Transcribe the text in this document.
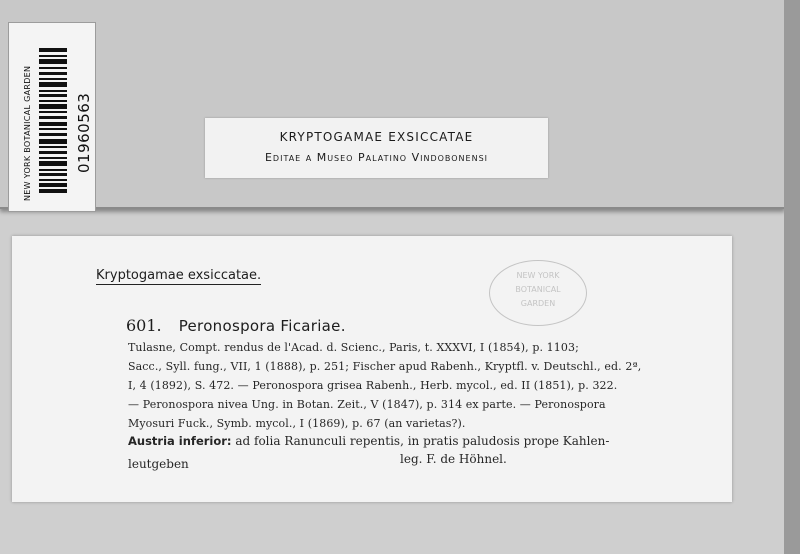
NEW YORK BOTANICAL GARDEN	01960563	KRYPTOGAMAE EXSICCATAE
Editae a Museo Palatino Vindobonensi
Kryptogamae exsiccatae.	NEW YORK
BOTANICAL
GARDEN
601. Peronospora Ficariae.
Tulasne, Compt. rendus de l'Acad. d. Scienc., Paris, t. XXXVI, I (1854), p. 1103;
Sacc., Syll. fung., VII, 1 (1888), p. 251; Fischer apud Rabenh., Kryptfl. v. Deutschl., ed. 2ª,
I, 4 (1892), S. 472. — Peronospora grisea Rabenh., Herb. mycol., ed. II (1851), p. 322.
— Peronospora nivea Ung. in Botan. Zeit., V (1847), p. 314 ex parte. — Peronospora
Myosuri Fuck., Symb. mycol., I (1869), p. 67 (an varietas?).
Austria inferior: ad folia Ranunculi repentis, in pratis paludosis prope Kahlen-
leutgeben	leg. F. de Höhnel.
